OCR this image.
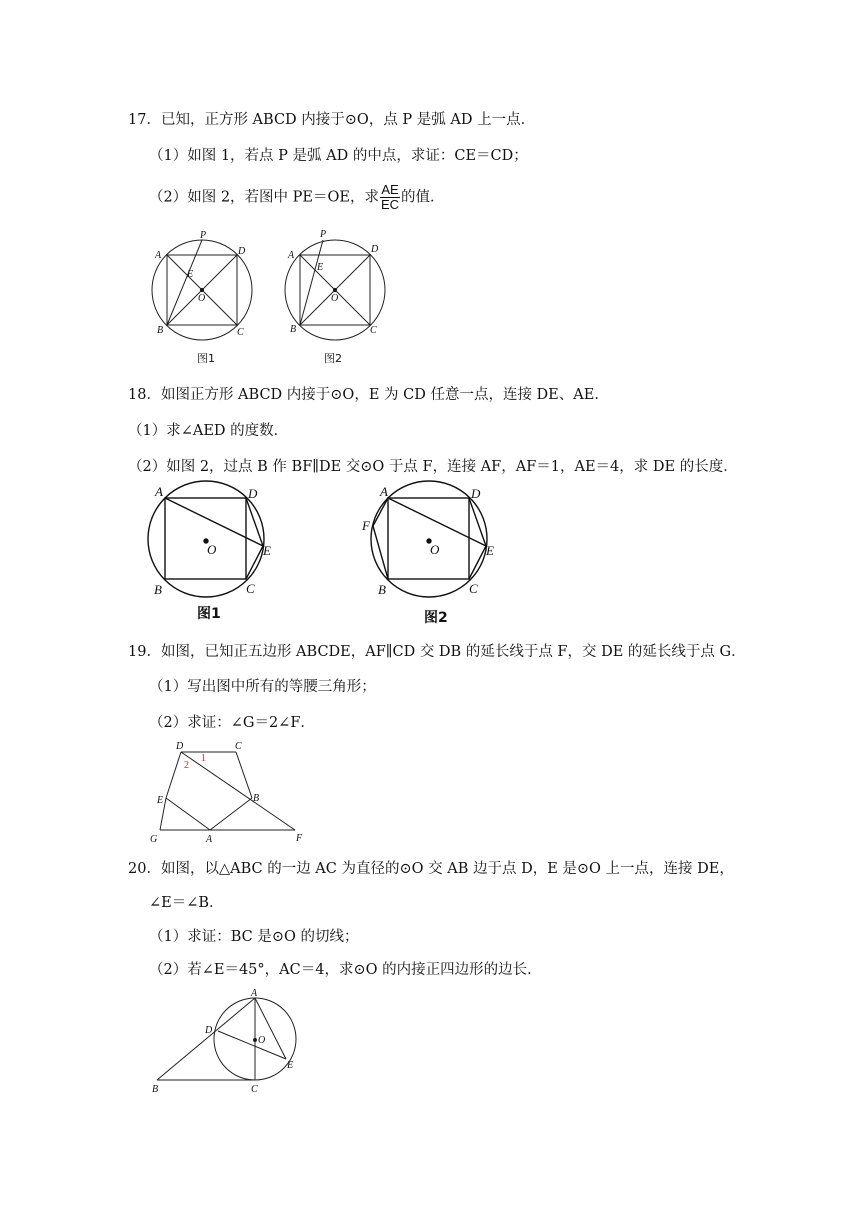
17．已知，正方形 ABCD 内接于⊙O，点 P 是弧 AD 上一点．
（1）如图 1，若点 P 是弧 AD 的中点，求证：CE＝CD；
（2）如图 2，若图中 PE＝OE，求 $\frac{AE}{EC}$ 的值．
A
P
D
E
O
B	C
图1
A
P
D
E
O
B	C
图2
18．如图正方形 ABCD 内接于⊙O，E 为 CD 任意一点，连接 DE、AE．
（1）求∠AED 的度数．
（2）如图 2，过点 B 作 BF∥DE 交⊙O 于点 F，连接 AF，AF＝1，AE＝4，求 DE 的长度．
A	D
E
O
B	C
图1
A	D
F
E
O
B	C
图2
19．如图，已知正五边形 ABCDE，AF∥CD 交 DB 的延长线于点 F，交 DE 的延长线于点 G．
（1）写出图中所有的等腰三角形；
（2）求证：∠G＝2∠F．
D	C
E	B
G	A	F
1
2
20．如图，以△ABC 的一边 AC 为直径的⊙O 交 AB 边于点 D，E 是⊙O 上一点，连接 DE，
∠E＝∠B．
（1）求证：BC 是⊙O 的切线；
（2）若∠E＝45°，AC＝4，求⊙O 的内接正四边形的边长．
A
D
O
E
B	C
